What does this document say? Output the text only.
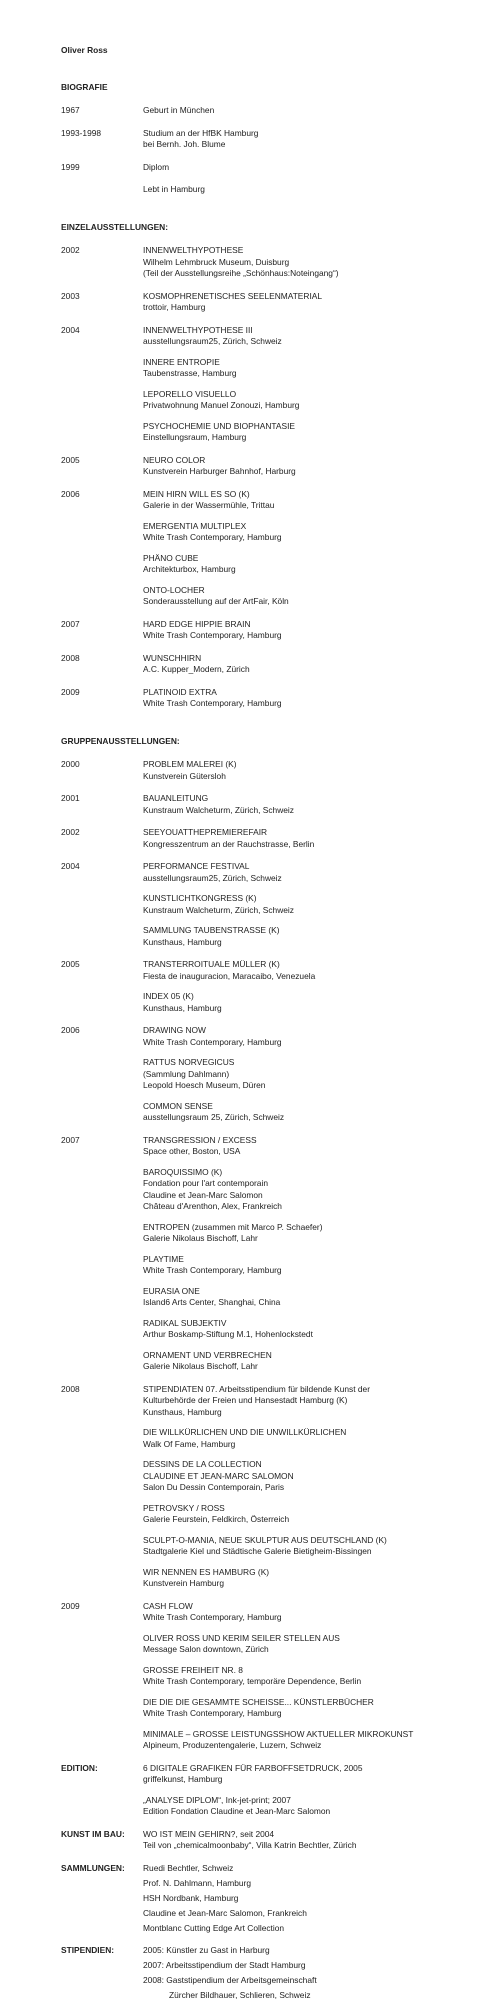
Oliver Ross
BIOGRAFIE
1967	Geburt in München
1993-1998	Studium an der HfBK Hamburg
bei Bernh. Joh. Blume
1999	Diplom
Lebt in Hamburg
EINZELAUSSTELLUNGEN:
2002	INNENWELTHYPOTHESE
Wilhelm Lehmbruck Museum, Duisburg
(Teil der Ausstellungsreihe „Schönhaus:Noteingang“)
2003	KOSMOPHRENETISCHES SEELENMATERIAL
trottoir, Hamburg
2004	INNENWELTHYPOTHESE III
ausstellungsraum25, Zürich, Schweiz
INNERE ENTROPIE
Taubenstrasse, Hamburg
LEPORELLO VISUELLO
Privatwohnung Manuel Zonouzi, Hamburg
PSYCHOCHEMIE UND BIOPHANTASIE
Einstellungsraum, Hamburg
2005	NEURO COLOR
Kunstverein Harburger Bahnhof, Harburg
2006	MEIN HIRN WILL ES SO (K)
Galerie in der Wassermühle, Trittau
EMERGENTIA MULTIPLEX
White Trash Contemporary, Hamburg
PHÄNO CUBE
Architekturbox, Hamburg
ONTO-LOCHER
Sonderausstellung auf der ArtFair, Köln
2007	HARD EDGE HIPPIE BRAIN
White Trash Contemporary, Hamburg
2008	WUNSCHHIRN
A.C. Kupper_Modern, Zürich
2009	PLATINOID EXTRA
White Trash Contemporary, Hamburg
GRUPPENAUSSTELLUNGEN:
2000	PROBLEM MALEREI (K)
Kunstverein Gütersloh
2001	BAUANLEITUNG
Kunstraum Walcheturm, Zürich, Schweiz
2002	SEEYOUATTHEPREMIEREFAIR
Kongresszentrum an der Rauchstrasse, Berlin
2004	PERFORMANCE FESTIVAL
ausstellungsraum25, Zürich, Schweiz
KUNSTLICHTKONGRESS (K)
Kunstraum Walcheturm, Zürich, Schweiz
SAMMLUNG TAUBENSTRASSE (K)
Kunsthaus, Hamburg
2005	TRANSTERROITUALE MÜLLER (K)
Fiesta de inauguracion, Maracaibo, Venezuela
INDEX 05 (K)
Kunsthaus, Hamburg
2006	DRAWING NOW
White Trash Contemporary, Hamburg
RATTUS NORVEGICUS
(Sammlung Dahlmann)
Leopold Hoesch Museum, Düren
COMMON SENSE
ausstellungsraum 25, Zürich, Schweiz
2007	TRANSGRESSION / EXCESS
Space other, Boston, USA
BAROQUISSIMO (K)
Fondation pour l'art contemporain
Claudine et Jean-Marc Salomon
Château d'Arenthon, Alex, Frankreich
ENTROPEN (zusammen mit Marco P. Schaefer)
Galerie Nikolaus Bischoff, Lahr
PLAYTIME
White Trash Contemporary, Hamburg
EURASIA ONE
Island6 Arts Center, Shanghai, China
RADIKAL SUBJEKTIV
Arthur Boskamp-Stiftung M.1, Hohenlockstedt
ORNAMENT UND VERBRECHEN
Galerie Nikolaus Bischoff, Lahr
2008	STIPENDIATEN 07. Arbeitsstipendium für bildende Kunst der
Kulturbehörde der Freien und Hansestadt Hamburg (K)
Kunsthaus, Hamburg
DIE WILLKÜRLICHEN UND DIE UNWILLKÜRLICHEN
Walk Of Fame, Hamburg
DESSINS DE LA COLLECTION
CLAUDINE ET JEAN-MARC SALOMON
Salon Du Dessin Contemporain, Paris
PETROVSKY / ROSS
Galerie Feurstein, Feldkirch, Österreich
SCULPT-O-MANIA, NEUE SKULPTUR AUS DEUTSCHLAND (K)
Stadtgalerie Kiel und Städtische Galerie Bietigheim-Bissingen
WIR NENNEN ES HAMBURG (K)
Kunstverein Hamburg
2009	CASH FLOW
White Trash Contemporary, Hamburg
OLIVER ROSS UND KERIM SEILER STELLEN AUS
Message Salon downtown, Zürich
GROSSE FREIHEIT NR. 8
White Trash Contemporary, temporäre Dependence, Berlin
DIE DIE DIE GESAMMTE SCHEISSE... KÜNSTLERBÜCHER
White Trash Contemporary, Hamburg
MINIMALE – GROSSE LEISTUNGSSHOW AKTUELLER MIKROKUNST
Alpineum, Produzentengalerie, Luzern, Schweiz
EDITION:	6 DIGITALE GRAFIKEN FÜR FARBOFFSETDRUCK, 2005
griffelkunst, Hamburg
„ANALYSE DIPLOM“, Ink-jet-print; 2007
Edition Fondation Claudine et Jean-Marc Salomon
KUNST IM BAU:	WO IST MEIN GEHIRN?, seit 2004
Teil von „chemicalmoonbaby“, Villa Katrin Bechtler, Zürich
SAMMLUNGEN:	Ruedi Bechtler, Schweiz
Prof. N. Dahlmann, Hamburg
HSH Nordbank, Hamburg
Claudine et Jean-Marc Salomon, Frankreich
Montblanc Cutting Edge Art Collection
STIPENDIEN:	2005: Künstler zu Gast in Harburg
2007: Arbeitsstipendium der Stadt Hamburg
2008: Gaststipendium der Arbeitsgemeinschaft
Zürcher Bildhauer, Schlieren, Schweiz
